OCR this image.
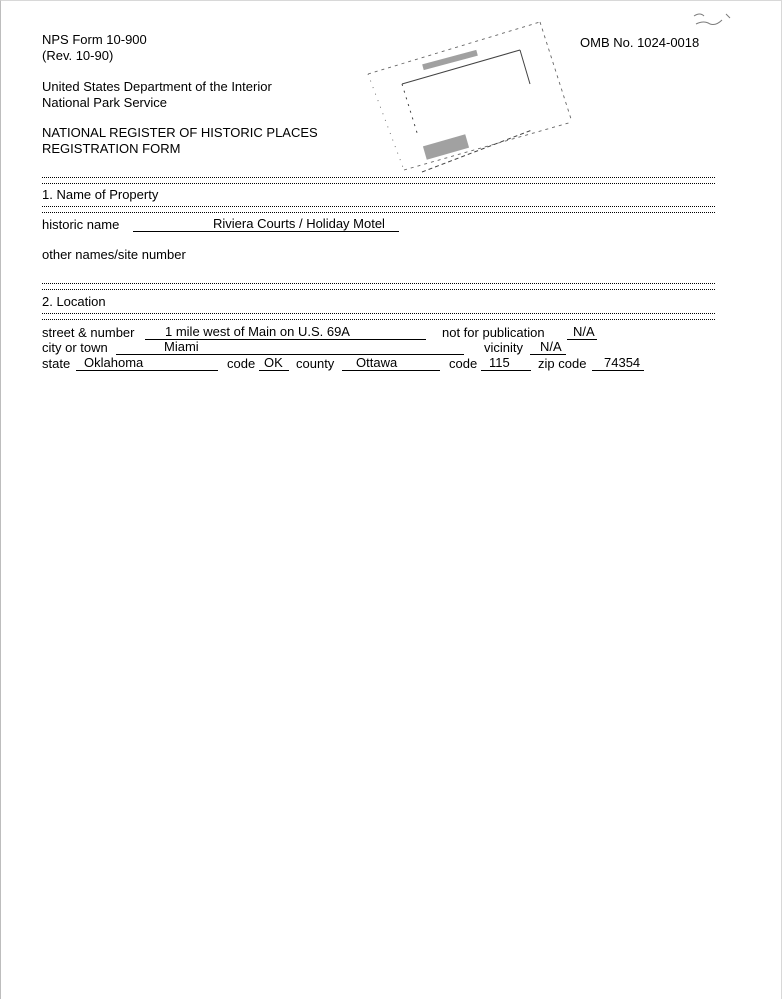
NPS Form 10-900
(Rev. 10-90)
OMB No. 1024-0018
United States Department of the Interior
National Park Service
NATIONAL REGISTER OF HISTORIC PLACES
REGISTRATION FORM
1. Name of Property
historic name	Riviera Courts / Holiday Motel
other names/site number
2. Location
street & number 1 mile west of Main on U.S. 69A	not for publication N/A
city or town	Miami	vicinity N/A
state Oklahoma	code OK county Ottawa	code 115 zip code 74354
